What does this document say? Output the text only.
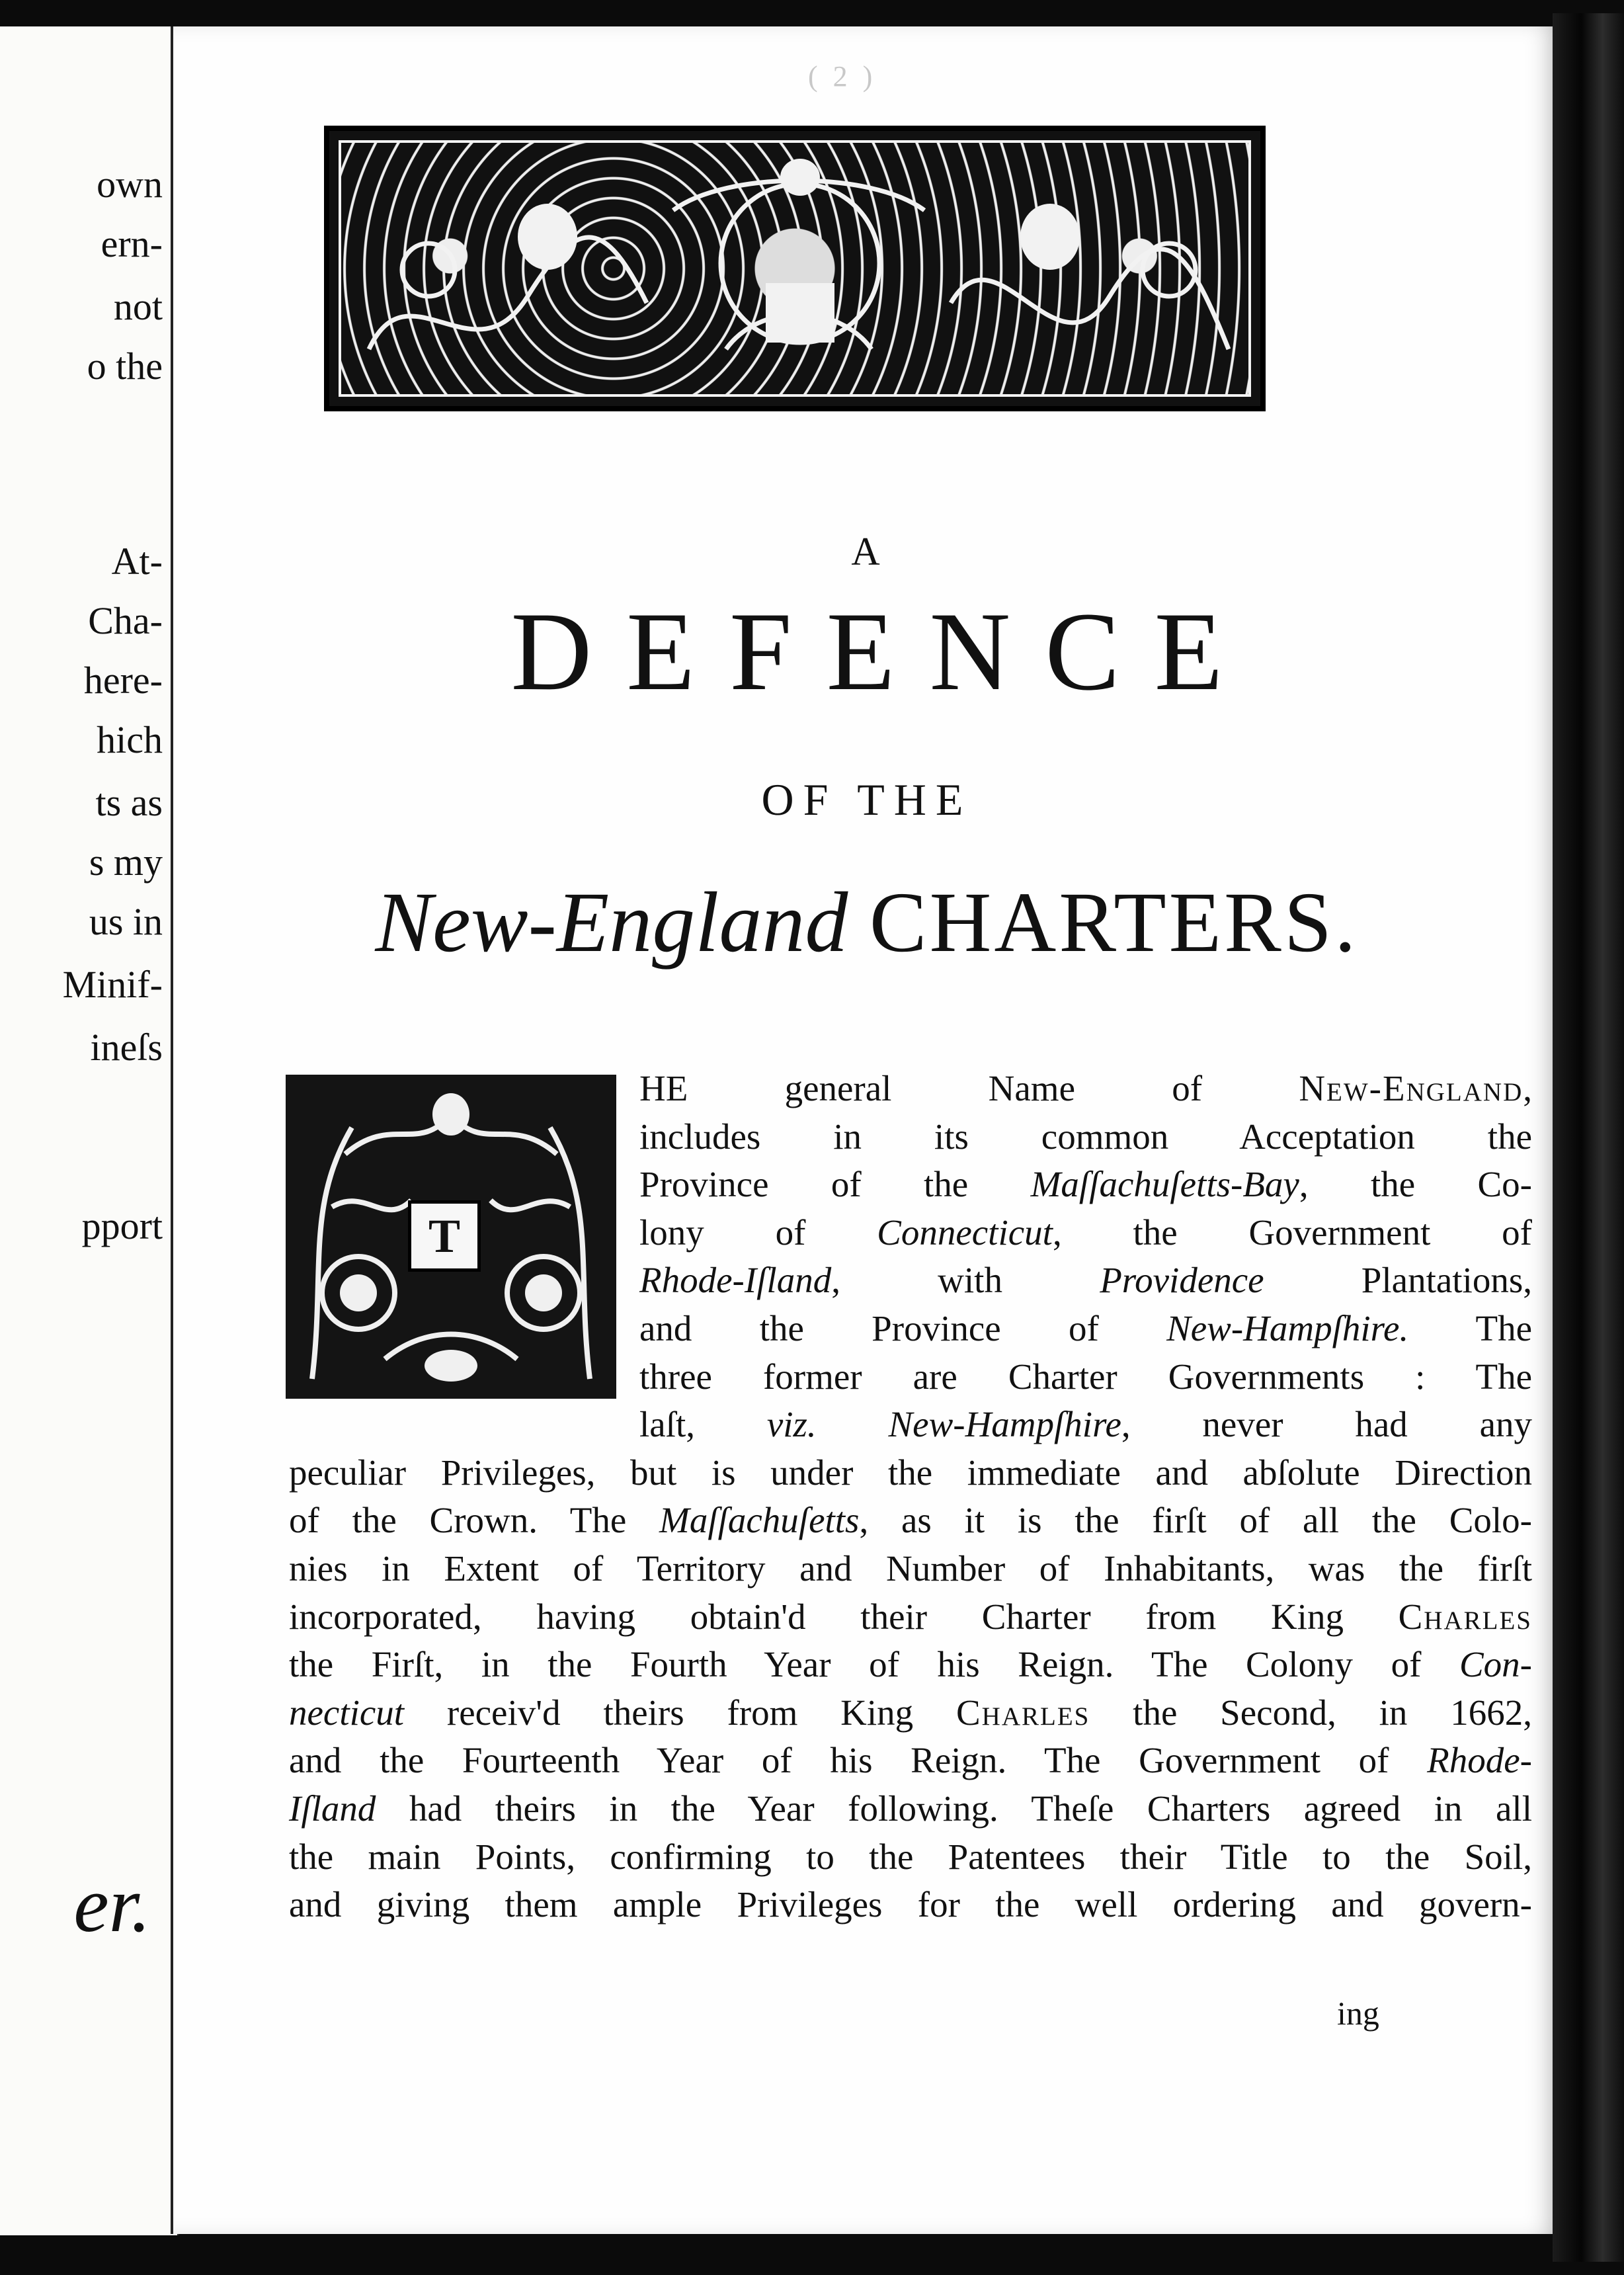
own
ern-
not
o the
At-
Cha-
here-
hich
ts as
s my
us in
Minif-
ineſs
pport
er.
( 2 )
A
DEFENCE
OF THE
New-England CHARTERS.
HE general Name of New-England,
includes in its common Acceptation the
Province of the Maſſachuſetts-Bay, the Co-
lony of Connecticut, the Government of
Rhode-Iſland, with Providence Plantations,
and the Province of New-Hampſhire. The
three former are Charter Governments : The
laſt, viz. New-Hampſhire, never had any
peculiar Privileges, but is under the immediate and abſolute Direction
of the Crown. The Maſſachuſetts, as it is the firſt of all the Colo-
nies in Extent of Territory and Number of Inhabitants, was the firſt
incorporated, having obtain'd their Charter from King Charles
the Firſt, in the Fourth Year of his Reign. The Colony of Con-
necticut receiv'd theirs from King Charles the Second, in 1662,
and the Fourteenth Year of his Reign. The Government of Rhode-
Iſland had theirs in the Year following. Theſe Charters agreed in all
the main Points, confirming to the Patentees their Title to the Soil,
and giving them ample Privileges for the well ordering and govern-
T
ing
